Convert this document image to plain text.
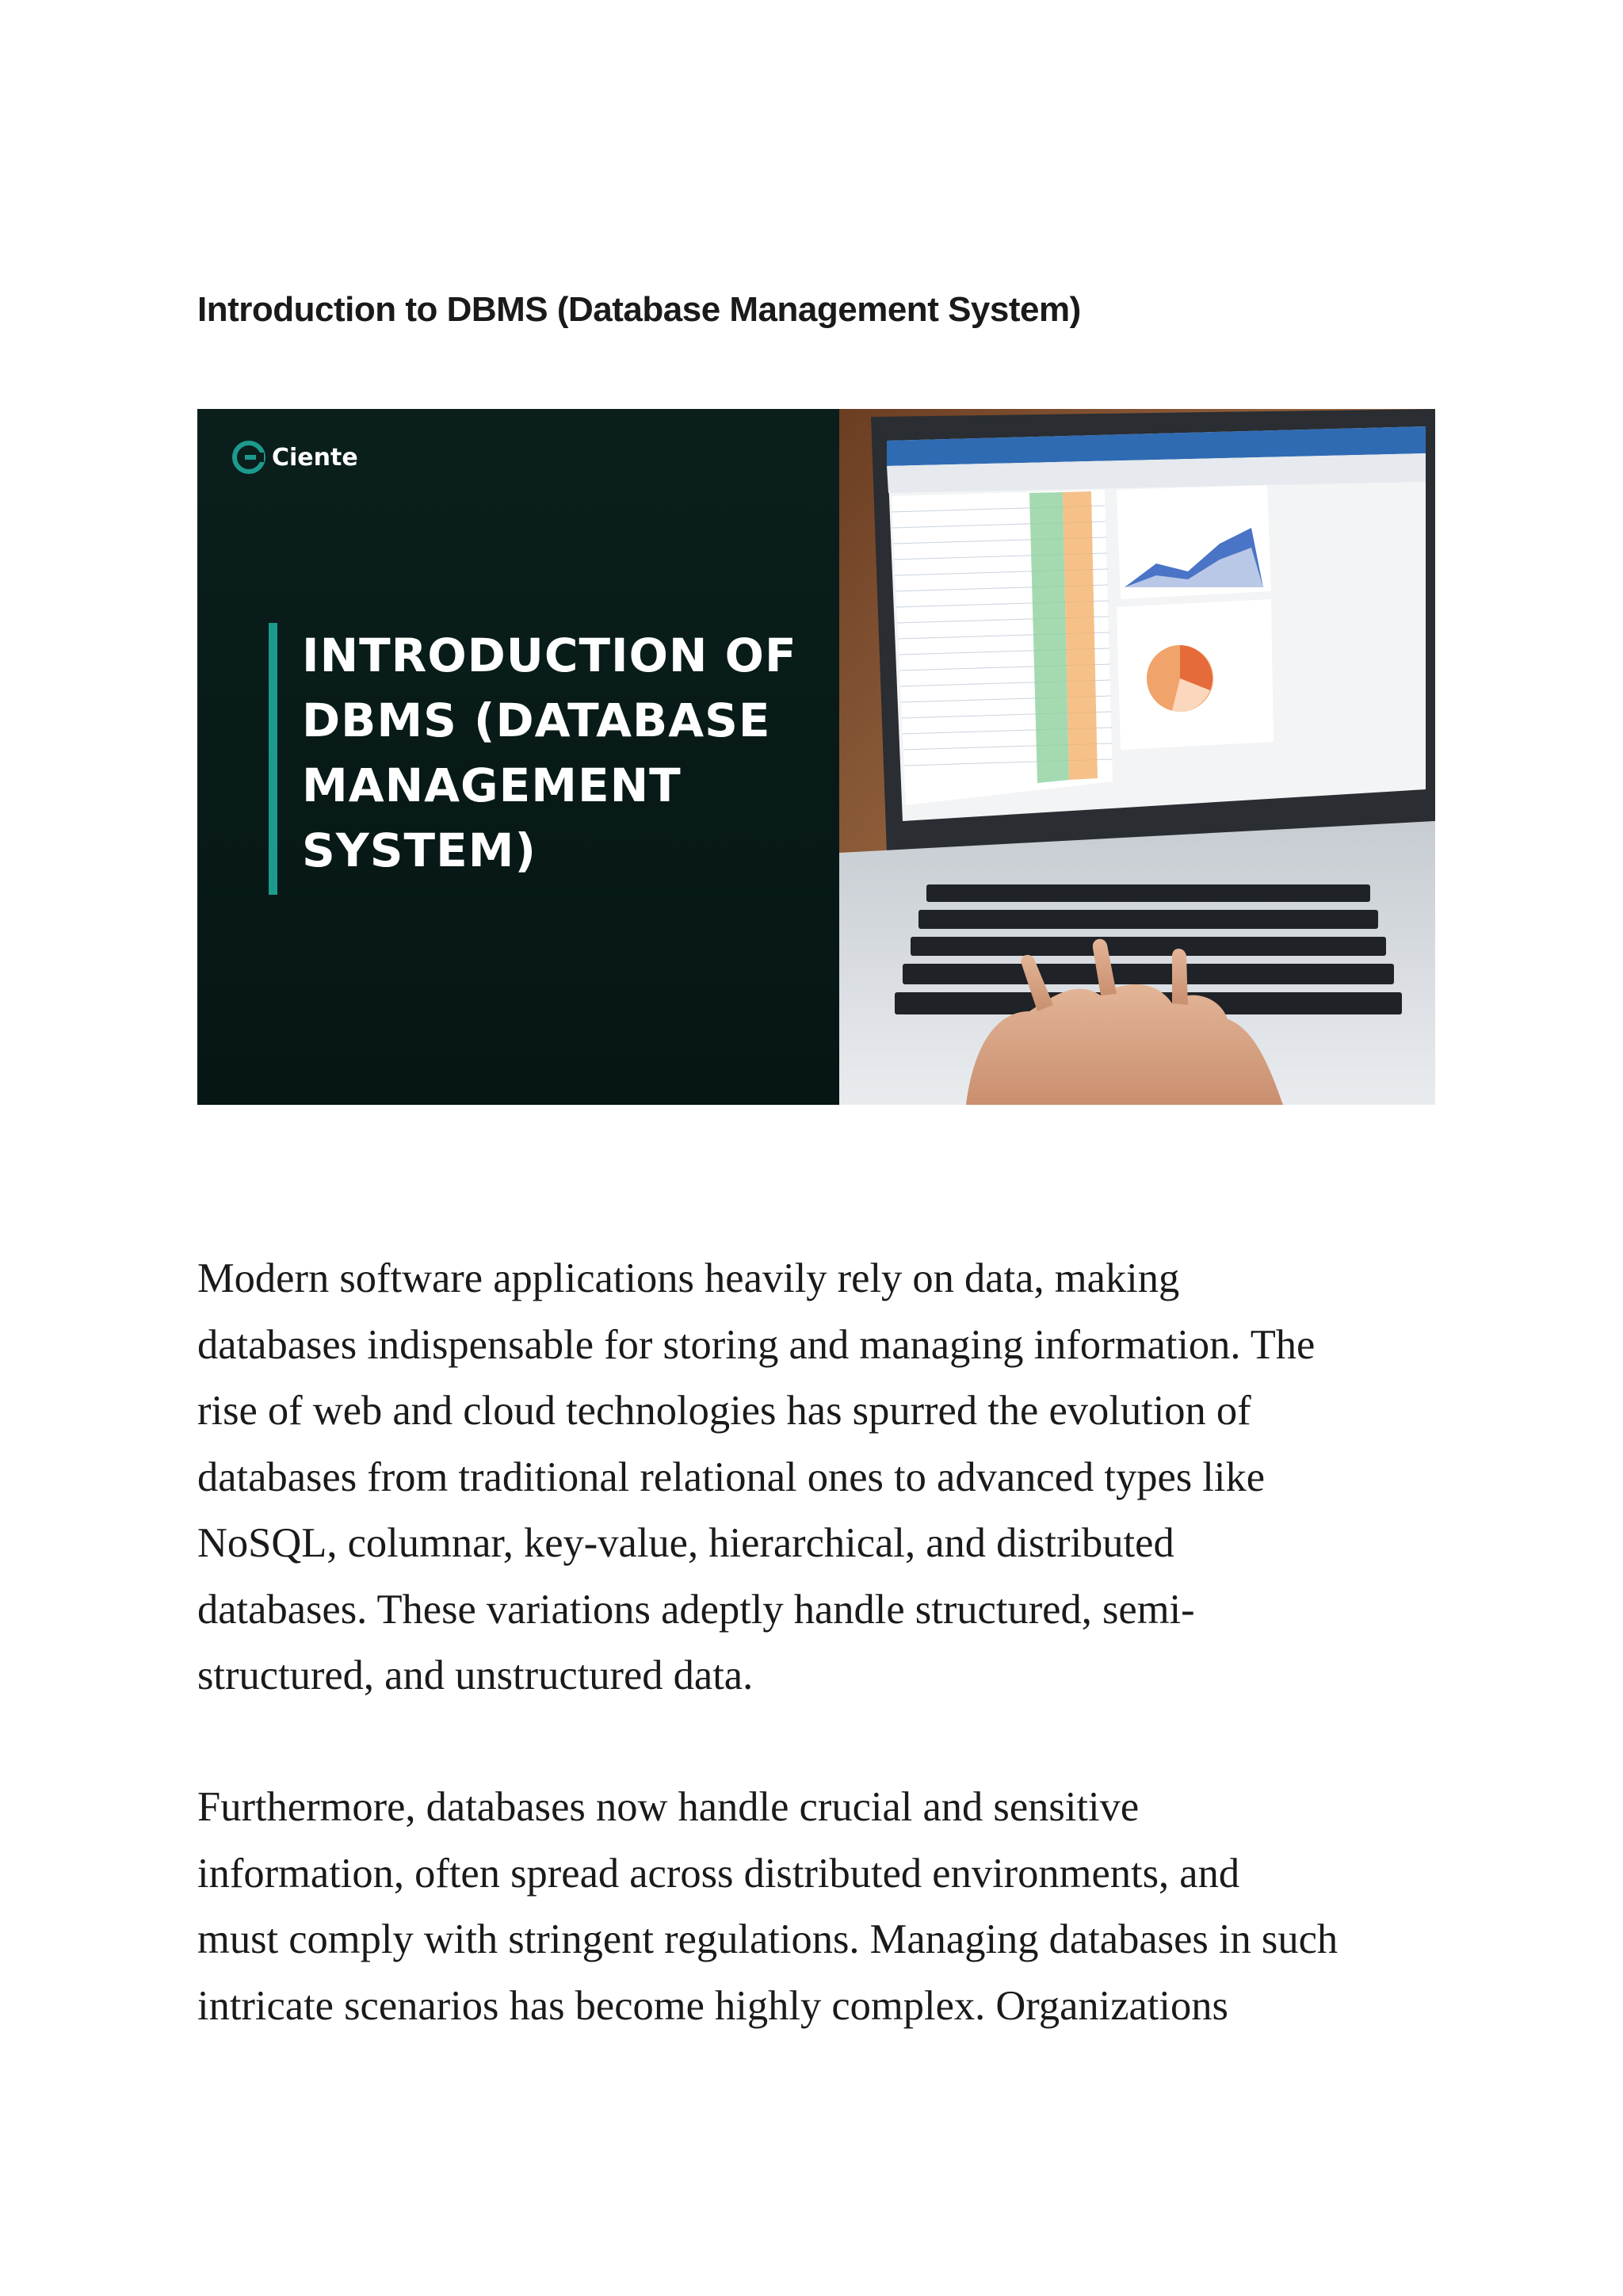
Introduction to DBMS (Database Management System)
Ciente
INTRODUCTION OF
DBMS (DATABASE
MANAGEMENT
SYSTEM)
Modern software applications heavily rely on data, making
databases indispensable for storing and managing information. The
rise of web and cloud technologies has spurred the evolution of
databases from traditional relational ones to advanced types like
NoSQL, columnar, key-value, hierarchical, and distributed
databases. These variations adeptly handle structured, semi-
structured, and unstructured data.
Furthermore, databases now handle crucial and sensitive
information, often spread across distributed environments, and
must comply with stringent regulations. Managing databases in such
intricate scenarios has become highly complex. Organizations
